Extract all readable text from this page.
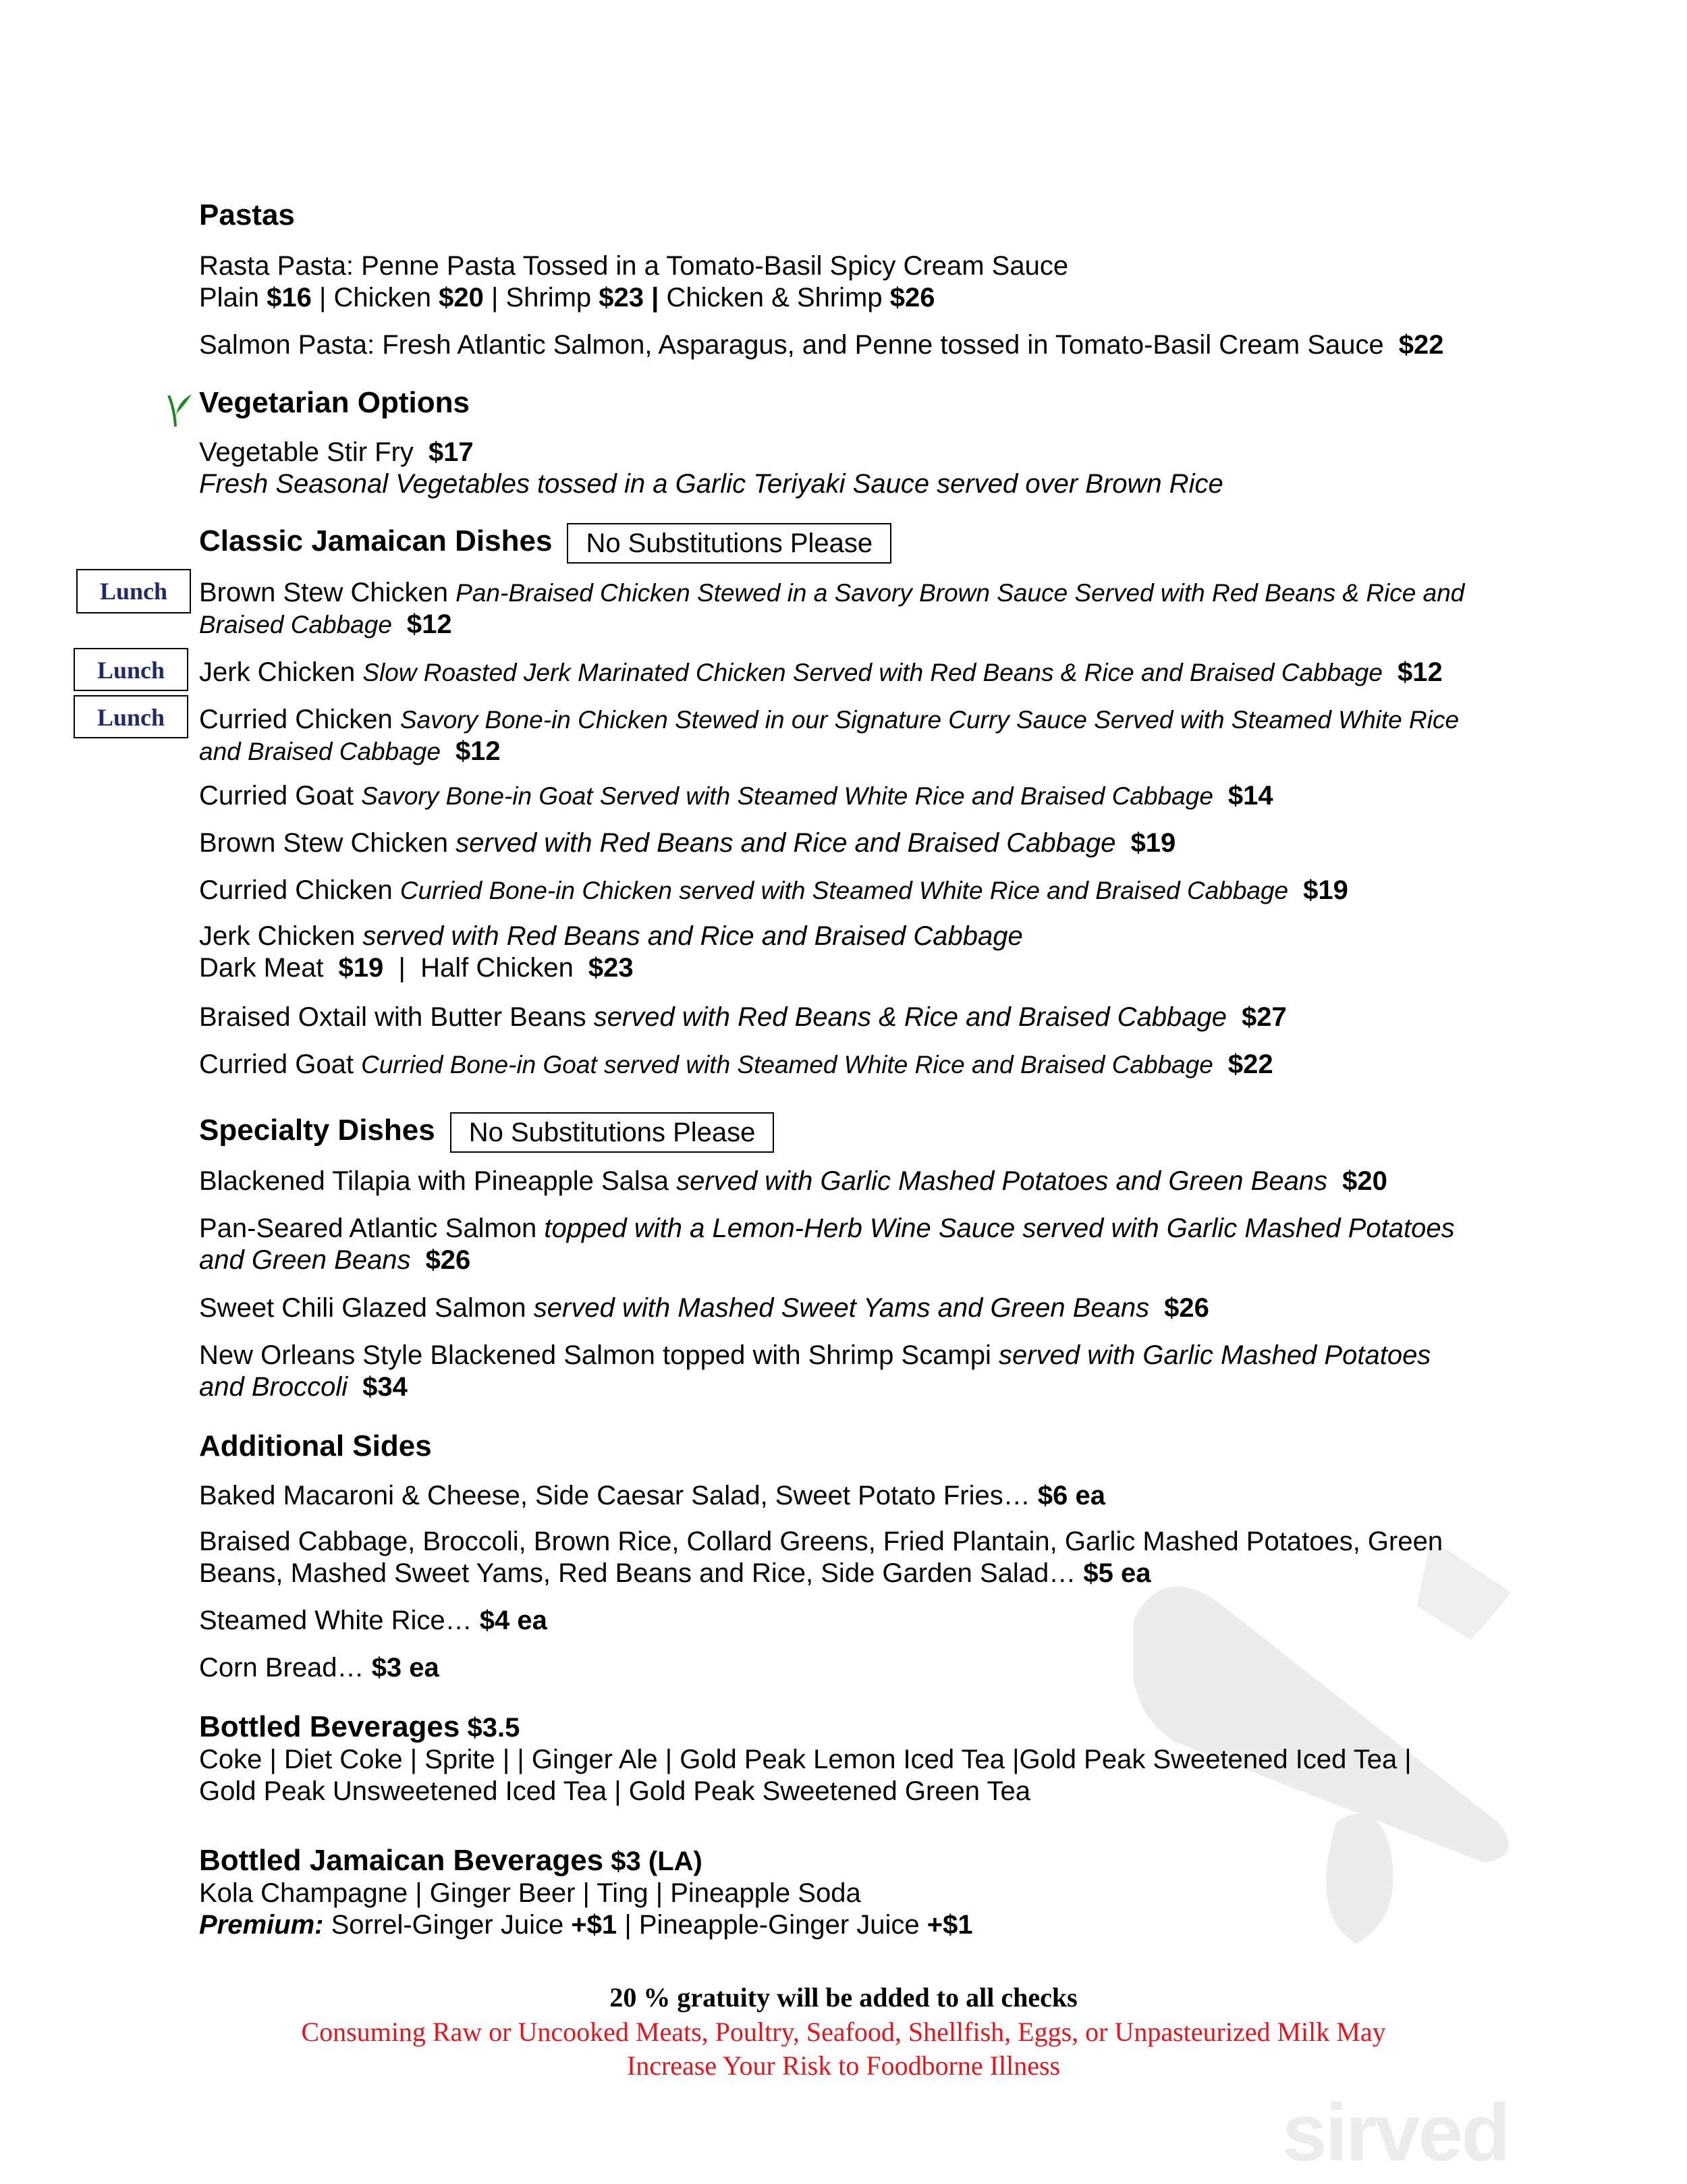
sirved
Pastas
Rasta Pasta: Penne Pasta Tossed in a Tomato-Basil Spicy Cream Sauce
Plain $16 | Chicken $20 | Shrimp $23 | Chicken & Shrimp $26
Salmon Pasta: Fresh Atlantic Salmon, Asparagus, and Penne tossed in Tomato-Basil Cream Sauce $22
Vegetarian Options
Vegetable Stir Fry $17
Fresh Seasonal Vegetables tossed in a Garlic Teriyaki Sauce served over Brown Rice
Classic Jamaican Dishes No Substitutions Please
Lunch
Lunch
Lunch
Brown Stew Chicken Pan-Braised Chicken Stewed in a Savory Brown Sauce Served with Red Beans & Rice and
Braised Cabbage $12
Jerk Chicken Slow Roasted Jerk Marinated Chicken Served with Red Beans & Rice and Braised Cabbage $12
Curried Chicken Savory Bone-in Chicken Stewed in our Signature Curry Sauce Served with Steamed White Rice
and Braised Cabbage $12
Curried Goat Savory Bone-in Goat Served with Steamed White Rice and Braised Cabbage $14
Brown Stew Chicken served with Red Beans and Rice and Braised Cabbage $19
Curried Chicken Curried Bone-in Chicken served with Steamed White Rice and Braised Cabbage $19
Jerk Chicken served with Red Beans and Rice and Braised Cabbage
Dark Meat $19  |  Half Chicken $23
Braised Oxtail with Butter Beans served with Red Beans & Rice and Braised Cabbage $27
Curried Goat Curried Bone-in Goat served with Steamed White Rice and Braised Cabbage $22
Specialty Dishes No Substitutions Please
Blackened Tilapia with Pineapple Salsa served with Garlic Mashed Potatoes and Green Beans $20
Pan-Seared Atlantic Salmon topped with a Lemon-Herb Wine Sauce served with Garlic Mashed Potatoes
and Green Beans $26
Sweet Chili Glazed Salmon served with Mashed Sweet Yams and Green Beans $26
New Orleans Style Blackened Salmon topped with Shrimp Scampi served with Garlic Mashed Potatoes
and Broccoli $34
Additional Sides
Baked Macaroni & Cheese, Side Caesar Salad, Sweet Potato Fries… $6 ea
Braised Cabbage, Broccoli, Brown Rice, Collard Greens, Fried Plantain, Garlic Mashed Potatoes, Green
Beans, Mashed Sweet Yams, Red Beans and Rice, Side Garden Salad… $5 ea
Steamed White Rice… $4 ea
Corn Bread… $3 ea
Bottled Beverages $3.5
Coke | Diet Coke | Sprite | | Ginger Ale | Gold Peak Lemon Iced Tea |Gold Peak Sweetened Iced Tea |
Gold Peak Unsweetened Iced Tea | Gold Peak Sweetened Green Tea
Bottled Jamaican Beverages $3 (LA)
Kola Champagne | Ginger Beer | Ting | Pineapple Soda
Premium: Sorrel-Ginger Juice +$1 | Pineapple-Ginger Juice +$1
20 % gratuity will be added to all checks
Consuming Raw or Uncooked Meats, Poultry, Seafood, Shellfish, Eggs, or Unpasteurized Milk May
Increase Your Risk to Foodborne Illness
